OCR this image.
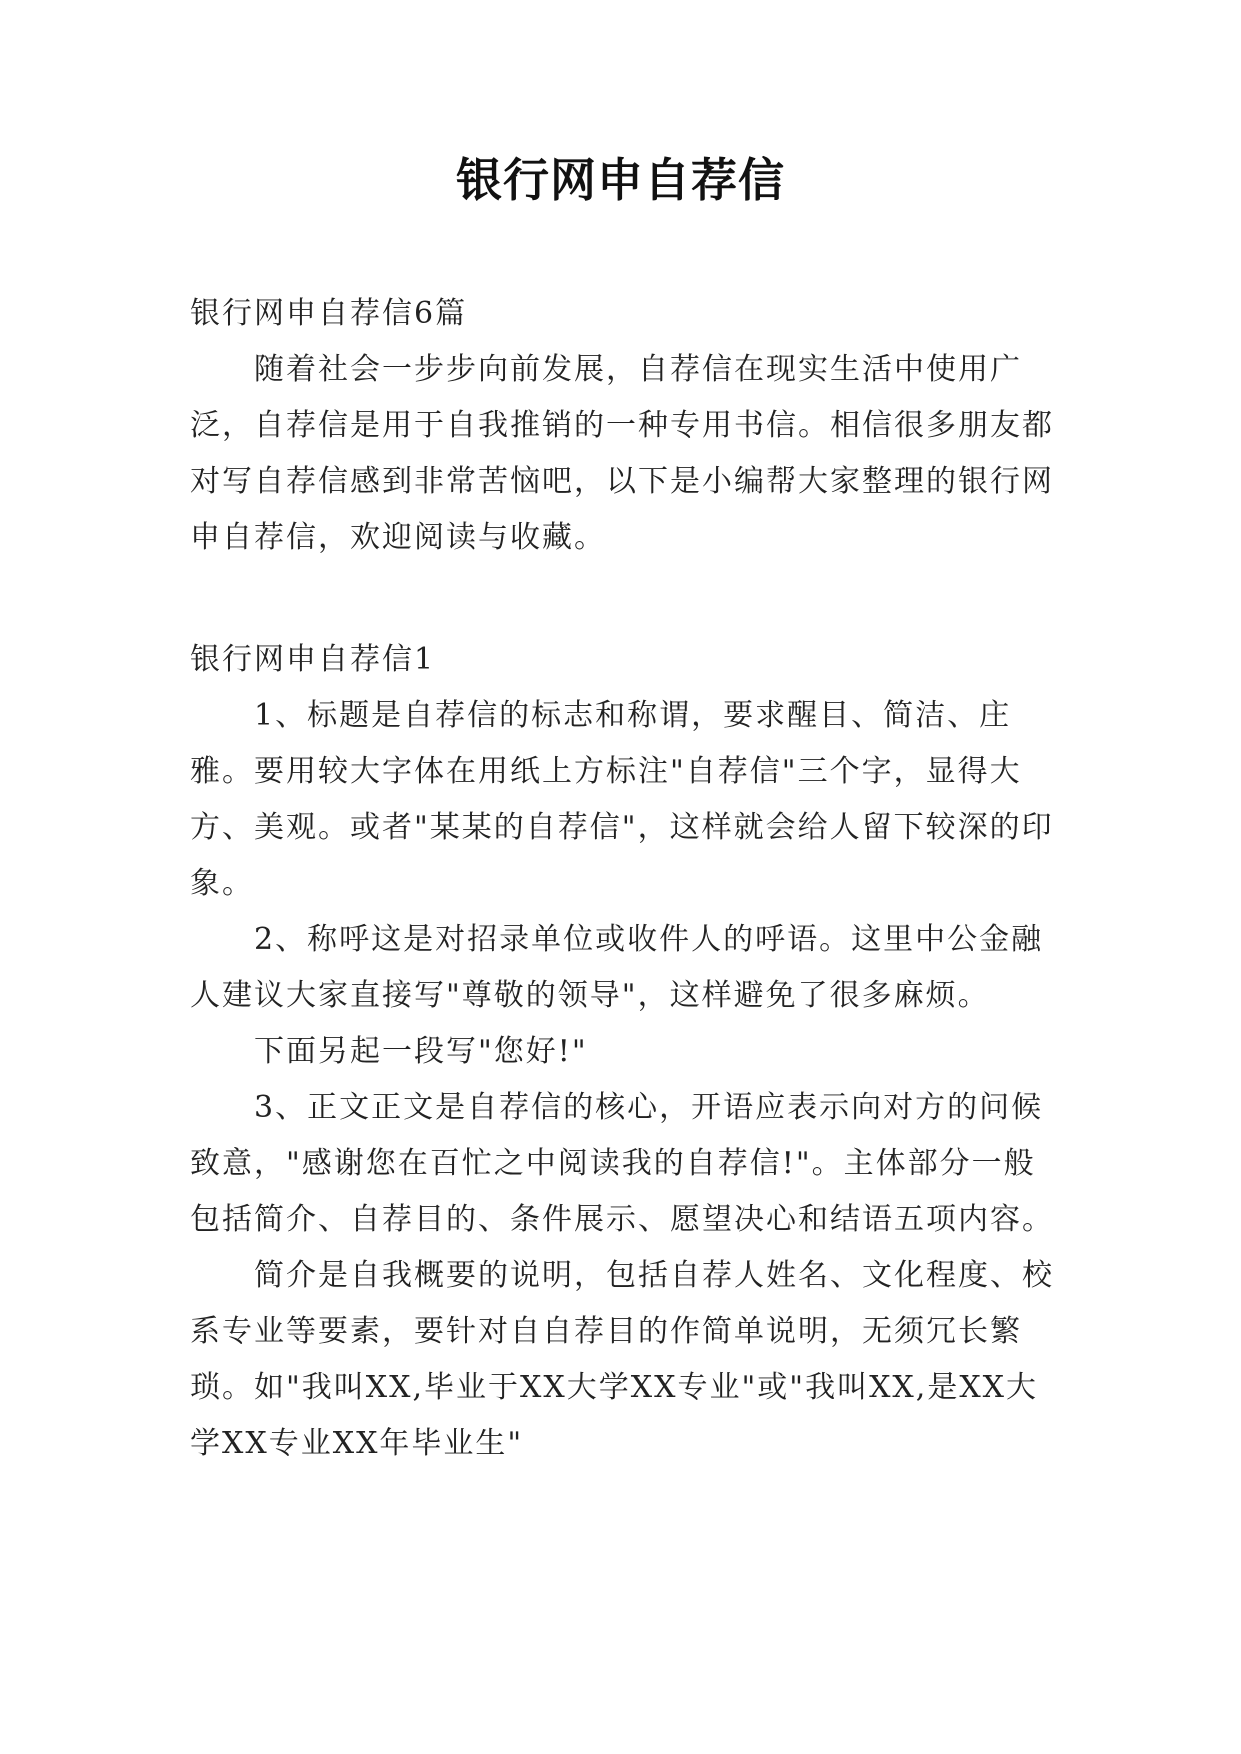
银行网申自荐信

银行网申自荐信6篇

随着社会一步步向前发展，自荐信在现实生活中使用广泛，自荐信是用于自我推销的一种专用书信。相信很多朋友都对写自荐信感到非常苦恼吧，以下是小编帮大家整理的银行网申自荐信，欢迎阅读与收藏。

银行网申自荐信1

1、标题是自荐信的标志和称谓，要求醒目、简洁、庄雅。要用较大字体在用纸上方标注"自荐信"三个字，显得大方、美观。或者"某某的自荐信"，这样就会给人留下较深的印象。

2、称呼这是对招录单位或收件人的呼语。这里中公金融人建议大家直接写"尊敬的领导"，这样避免了很多麻烦。

下面另起一段写"您好!"

3、正文正文是自荐信的核心，开语应表示向对方的问候致意，"感谢您在百忙之中阅读我的自荐信!"。主体部分一般包括简介、自荐目的、条件展示、愿望决心和结语五项内容。

简介是自我概要的说明，包括自荐人姓名、文化程度、校系专业等要素，要针对自自荐目的作简单说明，无须冗长繁琐。如"我叫XX,毕业于XX大学XX专业"或"我叫XX,是XX大学XX专业XX年毕业生"
